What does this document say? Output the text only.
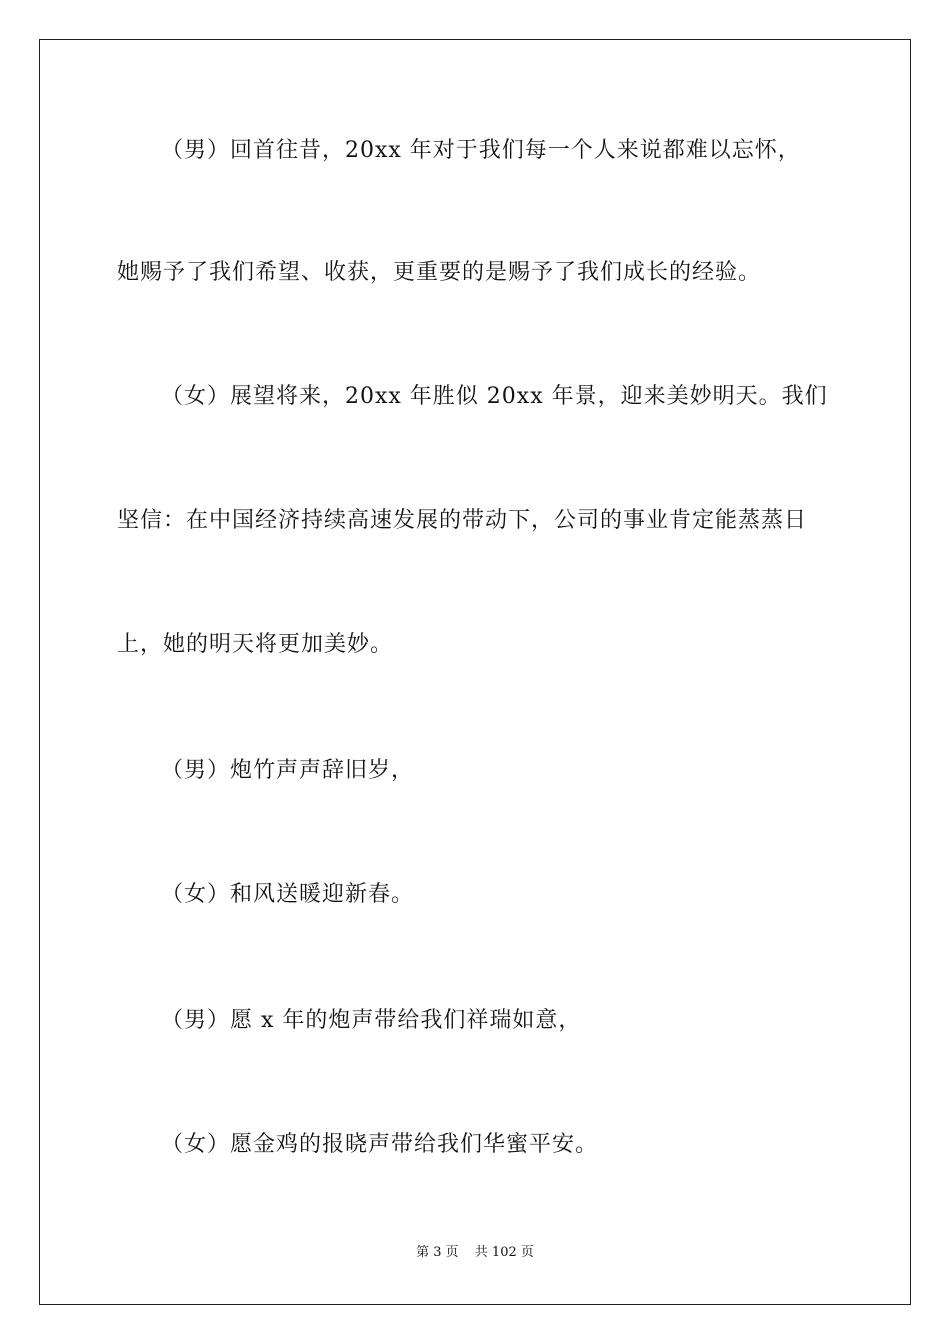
（男）回首往昔，20xx 年对于我们每一个人来说都难以忘怀，
她赐予了我们希望、收获，更重要的是赐予了我们成长的经验。
（女）展望将来，20xx 年胜似 20xx 年景，迎来美妙明天。我们
坚信：在中国经济持续高速发展的带动下，公司的事业肯定能蒸蒸日
上，她的明天将更加美妙。
（男）炮竹声声辞旧岁，
（女）和风送暖迎新春。
（男）愿 x 年的炮声带给我们祥瑞如意，
（女）愿金鸡的报晓声带给我们华蜜平安。
第 3 页 共 102 页
